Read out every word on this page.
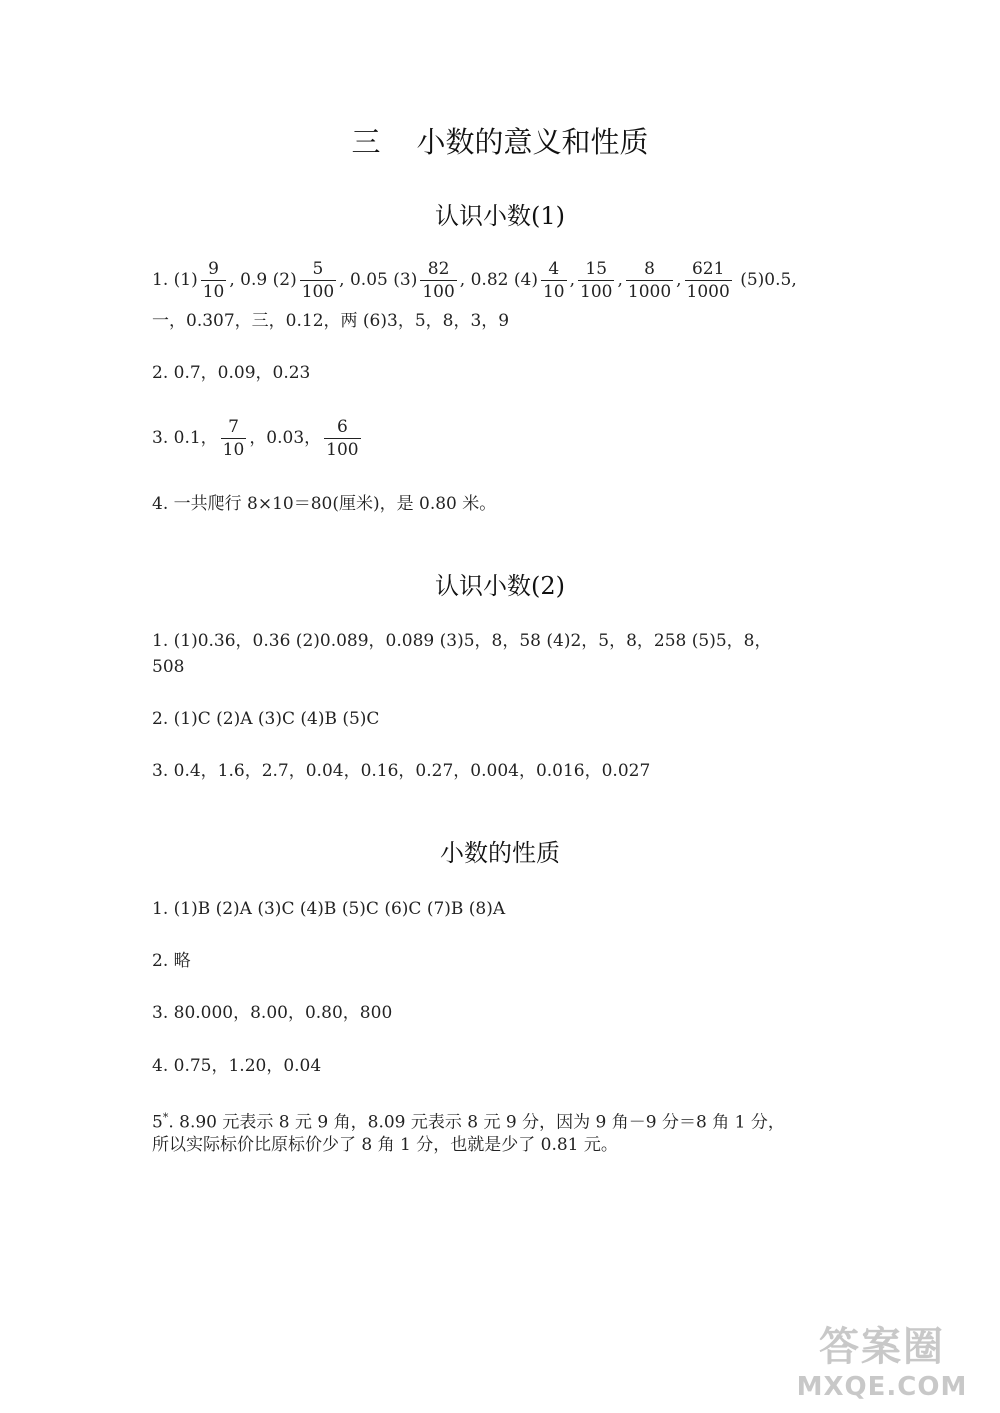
三 小数的意义和性质
认识小数(1)
1. $(1) \frac{9}{10}$ , 0.9 $(2) \frac{5}{100}$ , 0.05 $(3) \frac{82}{100}$ , 0.82 $(4) \frac{4}{10}$ , $\frac{15}{100}$ , $\frac{8}{1000}$ , $\frac{621}{1000} (5)0.5$,
一，0.307，三，0.12，两 (6)3，5，8，3，9
2. 0.7，0.09，0.23
3. 0.1， $\frac{7}{10}$ ，0.03， $\frac{6}{100}$
4. 一共爬行 8×10＝80(厘米)，是 0.80 米。
认识小数(2)
1. (1)0.36，0.36 (2)0.089，0.089 (3)5，8，58 (4)2，5，8，258 (5)5，8，
508
2. (1)C (2)A (3)C (4)B (5)C
3. 0.4，1.6，2.7，0.04，0.16，0.27，0.004，0.016，0.027
小数的性质
1. (1)B (2)A (3)C (4)B (5)C (6)C (7)B (8)A
2. 略
3. 80.000，8.00，0.80，800
4. 0.75，1.20，0.04
5*. 8.90 元表示 8 元 9 角，8.09 元表示 8 元 9 分，因为 9 角－9 分＝8 角 1 分，
所以实际标价比原标价少了 8 角 1 分，也就是少了 0.81 元。
答案圈
MXQE.COM
